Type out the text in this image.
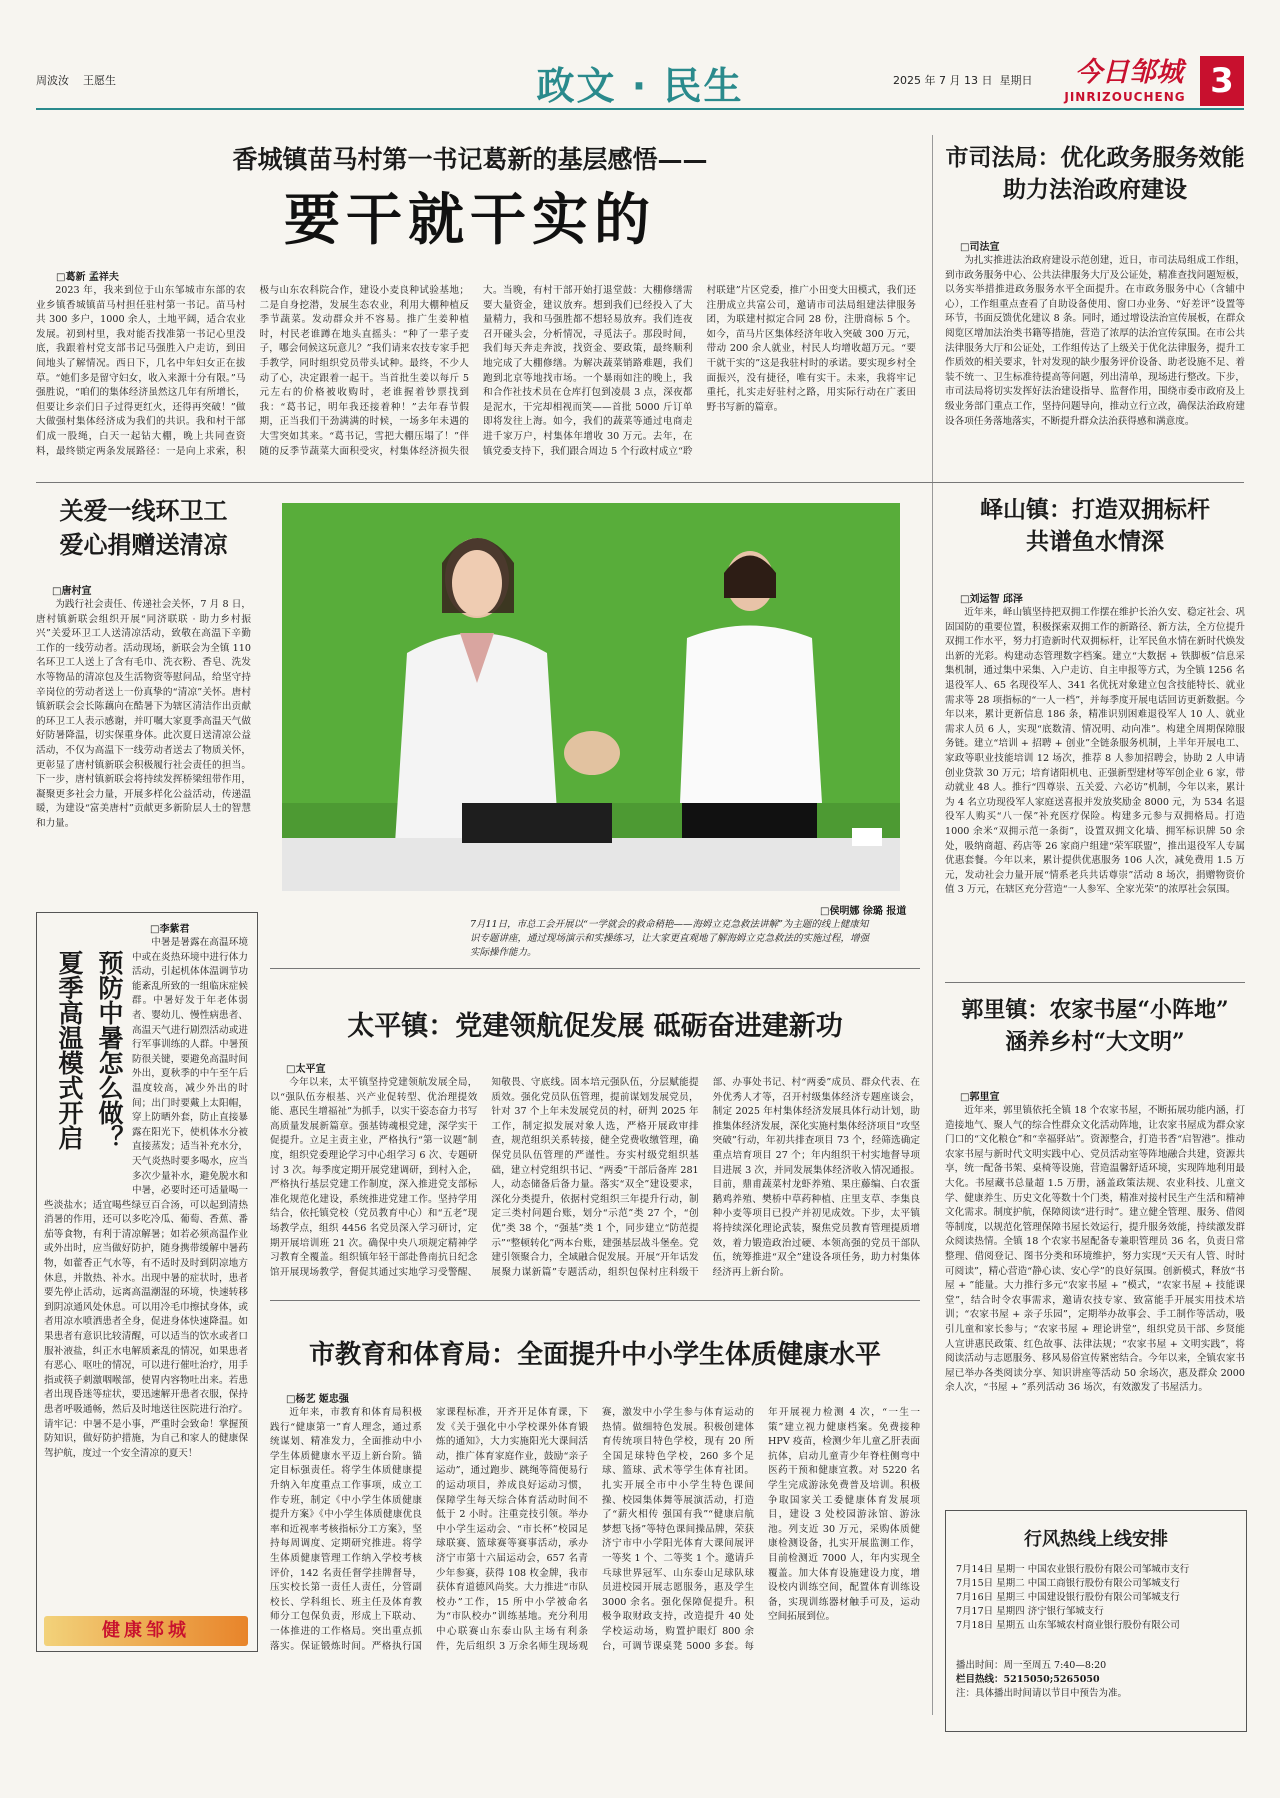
周波汝 王愿生	政文 · 民生	2025 年 7 月 13 日 星期日	今日邹城
JINRIZOUCHENG 3
香城镇苗马村第一书记葛新的基层感悟——
要干就干实的
□葛新 孟祥夫

2023 年，我来到位于山东邹城市东部的农业乡镇香城镇苗马村担任驻村第一书记。苗马村共 300 多户，1000 余人，土地平阔，适合农业发展。初到村里，我对能否找准第一书记心里没底，我跟着村党支部书记马强胜入户走访，到田间地头了解情况。西日下，几名中年妇女正在拔草。“她们多是留守妇女，收入来源十分有限。”马强胜说，“咱们的集体经济虽然这几年有所增长，但要让乡亲们日子过得更红火，还得再突破！”做大做强村集体经济成为我们的共识。我和村干部们成一股绳，白天一起钻大棚，晚上共同查资料，最终锁定两条发展路径：一是向上求索，积极与山东农科院合作，建设小麦良种试验基地；二是自身挖潜，发展生态农业，利用大棚种植反季节蔬菜。发动群众并不容易。推广生姜种植时，村民老谁蹲在地头直摇头：“种了一辈子麦子，哪会伺候这玩意儿？”我们请来农技专家手把手教学，同时组织党员带头试种。最终，不少人动了心，决定跟着一起干。当首批生姜以每斤 5 元左右的价格被收购时，老谁握着钞票找到我：“葛书记，明年我还接着种！”去年春节假期，正当我们干劲满满的时候，一场多年未遇的大雪突如其来。“葛书记，雪把大棚压塌了！”伴随的反季节蔬菜大面积受灾，村集体经济损失很大。当晚，有村干部开始打退堂鼓：大棚修缮需要大量资金，建议放弃。想到我们已经投入了大量精力，我和马强胜都不想轻易放弃。我们连夜召开碰头会，分析情况，寻觅法子。那段时间，我们每天奔走奔波，找资金、要政策，最终顺利地完成了大棚修缮。为解决蔬菜销路难题，我们跑到北京等地找市场。一个暴雨如注的晚上，我和合作社技术员在仓库打包到凌晨 3 点，深夜都是泥水，干完却相视而笑——首批 5000 斤订单即将发往上海。如今，我们的蔬菜等通过电商走进千家万户，村集体年增收 30 万元。去年，在镇党委支持下，我们跟合周边 5 个行政村成立“聆村联建”片区党委，推广小田变大田模式，我们还注册成立共富公司，邀请市司法局组建法律服务团，为联建村拟定合同 28 份，注册商标 5 个。如今，苗马片区集体经济年收入突破 300 万元，带动 200 余人就业，村民人均增收超万元。“要干就干实的”这是我驻村时的承诺。要实现乡村全面振兴，没有捷径，唯有实干。未来，我将牢记重托，扎实走好驻村之路，用实际行动在广袤田野书写新的篇章。

市司法局：优化政务服务效能
助力法治政府建设
□司法宣

为扎实推进法治政府建设示范创建，近日，市司法局组成工作组，到市政务服务中心、公共法律服务大厅及公证处，精准查找问题短板，以务实举措推进政务服务水平全面提升。在市政务服务中心（含辅中心），工作组重点查看了自助设备使用、窗口办业务、“好差评”设置等环节，书面反馈优化建议 8 条。同时，通过增设法治宣传展板，在群众阅览区增加法治类书籍等措施，营造了浓厚的法治宣传氛围。在市公共法律服务大厅和公证处，工作组传达了上级关于优化法律服务，提升工作质效的相关要求，针对发现的缺少服务评价设备、助老设施不足、着装不统一、卫生标准待提高等问题，列出清单，现场进行整改。下步，市司法局将切实发挥好法治建设指导、监督作用，围绕市委市政府及上级业务部门重点工作，坚持问题导向，推动立行立改，确保法治政府建设各项任务落地落实，不断提升群众法治获得感和满意度。

关爱一线环卫工
爱心捐赠送清凉
□唐村宣

为践行社会责任、传递社会关怀，7 月 8 日，唐村镇新联会组织开展“同济联联 · 助力乡村振兴”关爱环卫工人送清凉活动，致敬在高温下辛勤工作的一线劳动者。活动现场，新联会为全镇 110 名环卫工人送上了含有毛巾、洗衣粉、香皂、洗发水等物品的清凉包及生活物资等慰问品，给坚守持辛岗位的劳动者送上一份真挚的“清凉”关怀。唐村镇新联会会长陈藕向在酷暑下为辖区清洁作出贡献的环卫工人表示感谢，并叮嘱大家夏季高温天气做好防暑降温，切实保重身体。此次夏日送清凉公益活动，不仅为高温下一线劳动者送去了物质关怀，更彰显了唐村镇新联会积极履行社会责任的担当。下一步，唐村镇新联会将持续发挥桥梁纽带作用，凝聚更多社会力量，开展多样化公益活动，传递温暖，为建设“富美唐村”贡献更多新阶层人士的智慧和力量。

□侯明娜 徐璐 报道
7月11日，市总工会开展以“一学就会的救命稍艳——海姆立克急救法讲解”为主题的线上健康知识专题讲座，通过现场演示和实操练习，让大家更直观地了解海姆立克急救法的实施过程，增强实际操作能力。
峄山镇：打造双拥标杆
共谱鱼水情深
□刘运智 邱泽

近年来，峄山镇坚持把双拥工作摆在维护长治久安、稳定社会、巩固国防的重要位置，积极探索双拥工作的新路径、新方法，全方位提升双拥工作水平，努力打造新时代双拥标杆，让军民鱼水情在新时代焕发出新的光彩。构建动态管理数字档案。建立“大数据 + 铁脚板”信息采集机制，通过集中采集、入户走访、自主申报等方式，为全镇 1256 名退役军人、65 名现役军人、341 名优抚对象建立包含技能特长、就业需求等 28 项指标的“一人一档”，并每季度开展电话回访更新数据。今年以来，累计更新信息 186 条，精准识别困难退役军人 10 人、就业需求人员 6 人，实现“底数清、情况明、动向准”。构建全周期保障服务链。建立“培训 + 招聘 + 创业”全链条服务机制，上半年开展电工、家政等职业技能培训 12 场次，推荐 8 人参加招聘会，协助 2 人申请创业贷款 30 万元；培育诸阳机电、正强新型建材等军创企业 6 家，带动就业 48 人。推行“四尊崇、五关爱、六必访”机制，今年以来，累计为 4 名立功现役军人家庭送喜报并发放奖励金 8000 元，为 534 名退役军人购买“八一保”补充医疗保险。构建多元参与双拥格局。打造 1000 余米“双拥示范一条街”，设置双拥文化墙、拥军标识牌 50 余处，吸纳商超、药店等 26 家商户组建“荣军联盟”，推出退役军人专属优惠套餐。今年以来，累计提供优惠服务 106 人次，减免费用 1.5 万元，发动社会力量开展“情系老兵共话尊崇”活动 8 场次，捐赠物资价值 3 万元，在辖区充分营造“一人参军、全家光荣”的浓厚社会氛围。

夏季高温模式开启 预防中暑怎么做？
□李紫君

中暑是暑露在高温环境中或在炎热环境中进行体力活动，引起机体体温调节功能紊乱所致的一组临床症候群。中暑好发于年老体弱者、婴幼儿、慢性病患者、高温天气进行剧烈活动或进行军事训练的人群。中暑预防很关键，要避免高温时间外出，夏秋季的中午至午后温度较高，减少外出的时间；出门时要戴上太阳帽，穿上防晒外套，防止直接暴露在阳光下，使机体水分被直接蒸发；适当补充水分，天气炎热时要多喝水，应当多次少量补水，避免脱水和中暑，必要时还可适量喝一些淡盐水；适宜喝些绿豆百合汤，可以起到清热消暑的作用，还可以多吃冷瓜、葡萄、香蕉、番茄等食物，有利于清凉解暑；如若必须高温作业或外出时，应当做好防护，随身携带缓解中暑药物，如藿香正气水等，有不适时及时到阴凉地方休息，并散热、补水。出现中暑的症状时，患者要先停止活动，远离高温潮湿的环境，快速转移到阴凉通风处休息。可以用冷毛巾擦拭身体，或者用凉水喷洒患者全身，促进身体快速降温。如果患者有意识比较清醒，可以适当的饮水或者口服补液盐，纠正水电解质紊乱的情况，如果患者有恶心、呕吐的情况，可以进行催吐治疗，用手指或筷子刺激咽喉部，使胃内容物吐出来。若患者出现昏迷等症状，要迅速解开患者衣服，保持患者呼吸通畅，然后及时地送往医院进行治疗。请牢记：中暑不是小事，严重时会致命！掌握预防知识，做好防护措施，为自己和家人的健康保驾护航，度过一个安全清凉的夏天！

健康邹城
太平镇：党建领航促发展 砥砺奋进建新功
□太平宣

今年以来，太平镇坚持党建领航发展全局，以“强队伍夯根基、兴产业促转型、优治理提效能、惠民生增福祉”为抓手，以实干姿态奋力书写高质量发展新篇章。强基铸魂根党建，深学实干促提升。立足主责主业，严格执行“第一议题”制度，组织党委理论学习中心组学习 6 次、专题研讨 3 次。每季度定期开展党建调研，到村入企，严格执行基层党建工作制度，深入推进党支部标准化规范化建设，系统推进党建工作。坚持学用结合，依托镇党校（党员教育中心）和“五老”现场教学点，组织 4456 名党员深入学习研讨，定期开展培训班 21 次。确保中央八项规定精神学习教育全覆盖。组织镇年轻干部赴鲁南抗日纪念馆开展现场教学，督促其通过实地学习受警醒、知敬畏、守底线。固本培元强队伍，分层赋能提质效。强化党员队伍管理，提前谋划发展党员，针对 37 个上年未发展党员的村，研判 2025 年工作，制定拟发展对象人选，严格开展政审排查，规范组织关系转接，健全党费收缴管理，确保党员队伍管理的严谨性。夯实村级党组织基础，建立村党组织书记、“两委”干部后备库 281 人，动态储备后备力量。落实“双全”建设要求，深化分类提升，依据村党组织三年提升行动，制定三类村问题台账，划分“示范”类 27 个，“创优”类 38 个，“强基”类 1 个，同步建立“防范提示”“整顿转化”两本台账，建强基层战斗堡垒。党建引领聚合力，全域融合促发展。开展“开年话发展聚力谋新篇”专题活动，组织包保村庄科级干部、办事处书记、村“两委”成员、群众代表、在外优秀人才等，召开村级集体经济专题座谈会，制定 2025 年村集体经济发展具体行动计划，助推集体经济发展，深化实施村集体经济项目“攻坚突破”行动，年初共排查项目 73 个，经筛选确定重点培育项目 27 个；年内组织干村实地督导项目进展 3 次，并同发展集体经济收入情况通报。目前，鼎甫蔬菜村龙虾养殖、果庄藤编、白农蛋鹅鸡养殖、樊桥中草药种植、庄里支草、李集良种小麦等项目已投产并初见成效。下步，太平镇将持续深化理论武装，聚焦党员教育管理提质增效，着力锻造政治过硬、本领高强的党员干部队伍，统筹推进“双全”建设各项任务，助力村集体经济再上新台阶。

郭里镇：农家书屋“小阵地”
涵养乡村“大文明”
□郭里宣

近年来，郭里镇依托全镇 18 个农家书屋，不断拓展功能内涵，打造接地气、聚人气的综合性群众文化活动阵地，让农家书屋成为群众家门口的“文化粮仓”和“幸福驿站”。资源整合，打造书香“启智港”。推动农家书屋与新时代文明实践中心、党员活动室等阵地融合共建，资源共享，统一配备书架、桌椅等设施，营造温馨舒适环境，实现阵地利用最大化。书屋藏书总量超 1.5 万册，涵盖政策法规、农业科技、儿童文学、健康养生、历史文化等数十个门类，精准对接村民生产生活和精神文化需求。制度护航，保障阅读“进行时”。建立健全管理、服务、借阅等制度，以规范化管理保障书屋长效运行，提升服务效能，持续激发群众阅读热情。全镇 18 个农家书屋配备专兼职管理员 36 名，负责日常整理、借阅登记、图书分类和环境维护，努力实现“天天有人管、时时可阅读”，精心营造“静心读、安心学”的良好氛围。创新模式，释放“书屋 + ”能量。大力推行多元“农家书屋 + ”模式，“农家书屋 + 技能课堂”，结合时令农事需求，邀请农技专家、致富能手开展实用技术培训；“农家书屋 + 亲子乐园”，定期举办故事会、手工制作等活动，吸引儿童和家长参与；“农家书屋 + 理论讲堂”，组织党员干部、乡贤能人宣讲惠民政策、红色故事、法律法规；“农家书屋 + 文明实践”，将阅读活动与志愿服务、移风易俗宣传紧密结合。今年以来，全镇农家书屋已举办各类阅读分享、知识讲座等活动 50 余场次，惠及群众 2000 余人次，“书屋 + ”系列活动 36 场次，有效激发了书屋活力。

市教育和体育局：全面提升中小学生体质健康水平
□杨艺 姬忠强

近年来，市教育和体育局积极践行“健康第一”育人理念，通过系统谋划、精准发力，全面推动中小学生体质健康水平迈上新台阶。锚定目标强责任。将学生体质健康提升纳入年度重点工作事项，成立工作专班，制定《中小学生体质健康提升方案》《中小学生体质健康优良率和近视率考核指标分工方案》，坚持每周调度、定期研究推进。将学生体质健康管理工作纳入学校考核评价，142 名责任督学挂牌督导，压实校长第一责任人责任，分管副校长、学科组长、班主任及体育教师分工包保负责，形成上下联动、一体推进的工作格局。突出重点抓落实。保证锻炼时间。严格执行国家课程标准，开齐开足体育课，下发《关于强化中小学校课外体育锻炼的通知》，大力实施阳光大课间活动，推广体育家庭作业，鼓励“亲子运动”，通过跑步、跳绳等简便易行的运动项目，养成良好运动习惯，保障学生每天综合体育活动时间不低于 2 小时。注重竞技引领。举办中小学生运动会、“市长杯”校园足球联赛、篮球赛等赛事活动，承办济宁市第十六届运动会，657 名青少年参赛，获得 108 枚金牌，我市获体育道德风尚奖。大力推进“市队校办”工作，15 所中小学被命名为“市队校办”训练基地。充分利用中心联赛山东泰山队主场有利条件，先后组织 3 万余名师生现场观赛，激发中小学生参与体育运动的热情。做细特色发展。积极创建体育传统项目特色学校，现有 20 所全国足球特色学校，260 多个足球、篮球、武术等学生体育社团。扎实开展全市中小学生特色课间操、校园集体舞等展演活动，打造了“薪火相传 强国有我”“健康启航 梦想飞扬”等特色课间操品牌，荣获济宁市中小学阳光体育大课间展评一等奖 1 个、二等奖 1 个。邀请乒乓球世界冠军、山东泰山足球队球员进校园开展志愿服务，惠及学生 3000 余名。强化保障促提升。积极争取财政支持，改造提升 40 处学校运动场，购置护眼灯 800 余台，可调节课桌凳 5000 多套。每年开展视力检测 4 次，“一生一策”建立视力健康档案。免费接种 HPV 疫苗，检测少年儿童乙肝表面抗体，启动儿童青少年脊柱侧弯中医药干预和健康宣教。对 5220 名学生完成游泳免费普及培训。积极争取国家关工委健康体育发展项目，建设 3 处校园游泳馆、游泳池。列支近 30 万元，采购体质健康检测设备，扎实开展监测工作，目前检测近 7000 人，年内实现全覆盖。加大体育设施建设力度，增设校内训练空间，配置体育训练设备，实现训练器材触手可及，运动空间拓展到位。

行风热线上线安排
7月14日 星期一 中国农业银行股份有限公司邹城市支行
7月15日 星期二 中国工商银行股份有限公司邹城支行
7月16日 星期三 中国建设银行股份有限公司邹城支行
7月17日 星期四 济宁银行邹城支行
7月18日 星期五 山东邹城农村商业银行股份有限公司
播出时间：周一至周五 7:40—8:20
栏目热线：5215050;5265050
注：具体播出时间请以节目中预告为准。
